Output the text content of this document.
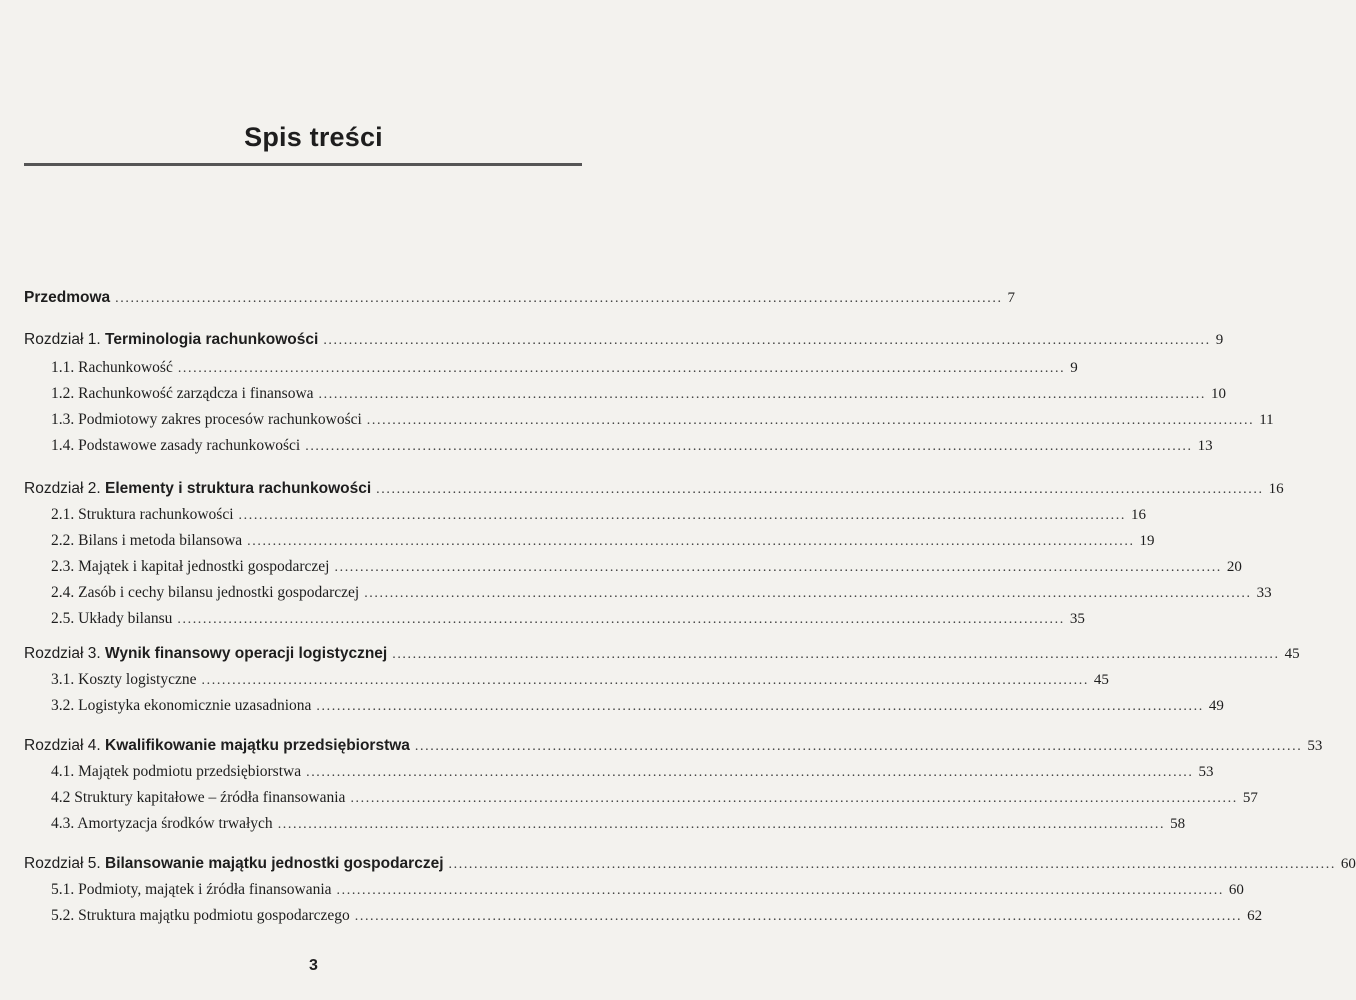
Spis treści
Przedmowa .............................................................................................................................................................................. 7
Rozdział 1. Terminologia rachunkowości .............................................................................................................................................................................. 9
1.1. Rachunkowość .............................................................................................................................................................................. 9
1.2. Rachunkowość zarządcza i finansowa .............................................................................................................................................................................. 10
1.3. Podmiotowy zakres procesów rachunkowości .............................................................................................................................................................................. 11
1.4. Podstawowe zasady rachunkowości .............................................................................................................................................................................. 13
Rozdział 2. Elementy i struktura rachunkowości .............................................................................................................................................................................. 16
2.1. Struktura rachunkowości .............................................................................................................................................................................. 16
2.2. Bilans i metoda bilansowa .............................................................................................................................................................................. 19
2.3. Majątek i kapitał jednostki gospodarczej .............................................................................................................................................................................. 20
2.4. Zasób i cechy bilansu jednostki gospodarczej .............................................................................................................................................................................. 33
2.5. Układy bilansu .............................................................................................................................................................................. 35
Rozdział 3. Wynik finansowy operacji logistycznej .............................................................................................................................................................................. 45
3.1. Koszty logistyczne .............................................................................................................................................................................. 45
3.2. Logistyka ekonomicznie uzasadniona .............................................................................................................................................................................. 49
Rozdział 4. Kwalifikowanie majątku przedsiębiorstwa .............................................................................................................................................................................. 53
4.1. Majątek podmiotu przedsiębiorstwa .............................................................................................................................................................................. 53
4.2 Struktury kapitałowe – źródła finansowania .............................................................................................................................................................................. 57
4.3. Amortyzacja środków trwałych .............................................................................................................................................................................. 58
Rozdział 5. Bilansowanie majątku jednostki gospodarczej .............................................................................................................................................................................. 60
5.1. Podmioty, majątek i źródła finansowania .............................................................................................................................................................................. 60
5.2. Struktura majątku podmiotu gospodarczego .............................................................................................................................................................................. 62
3
